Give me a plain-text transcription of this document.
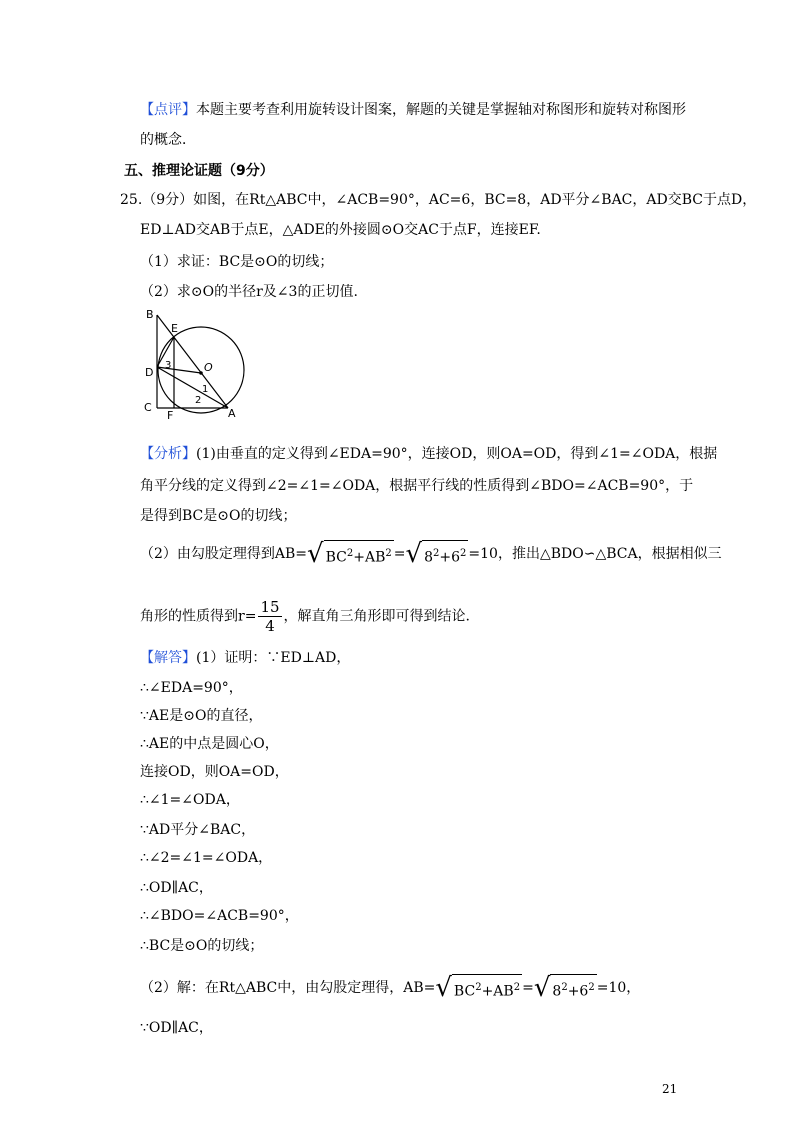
【点评】本题主要考查利用旋转设计图案，解题的关键是掌握轴对称图形和旋转对称图形
的概念．
五、推理论证题（9分）
25.（9分）如图，在Rt△ABC中，∠ACB=90°，AC=6，BC=8，AD平分∠BAC，AD交BC于点D，
ED⊥AD交AB于点E，△ADE的外接圆⊙O交AC于点F，连接EF.
（1）求证：BC是⊙O的切线；
（2）求⊙O的半径r及∠3的正切值.
B
E
O
D
C
F	A
1
2
3
【分析】(1)由垂直的定义得到∠EDA=90°，连接OD，则OA=OD，得到∠1=∠ODA，根据
角平分线的定义得到∠2=∠1=∠ODA，根据平行线的性质得到∠BDO=∠ACB=90°，于
是得到BC是⊙O的切线；
（2）由勾股定理得到AB= √ $BC^2+AB^2$ = √ $8^2+6^2 =10$，推出△BDO∽△BCA，根据相似三
角形的性质得到$r= \frac{15}{4}$ ，解直角三角形即可得到结论.
【解答】(1）证明：∵ED⊥AD，
∴∠EDA=90°，
∵AE是⊙O的直径，
∴AE的中点是圆心O，
连接OD，则OA=OD，
∴∠1=∠ODA，
∵AD平分∠BAC，
∴∠2=∠1=∠ODA，
∴OD∥AC，
∴∠BDO=∠ACB=90°，
∴BC是⊙O的切线；
（2）解：在Rt△ABC中，由勾股定理得，AB= √ $BC^2+AB^2$ = √ $8^2+6^2 =10$，
∵OD∥AC，
21
